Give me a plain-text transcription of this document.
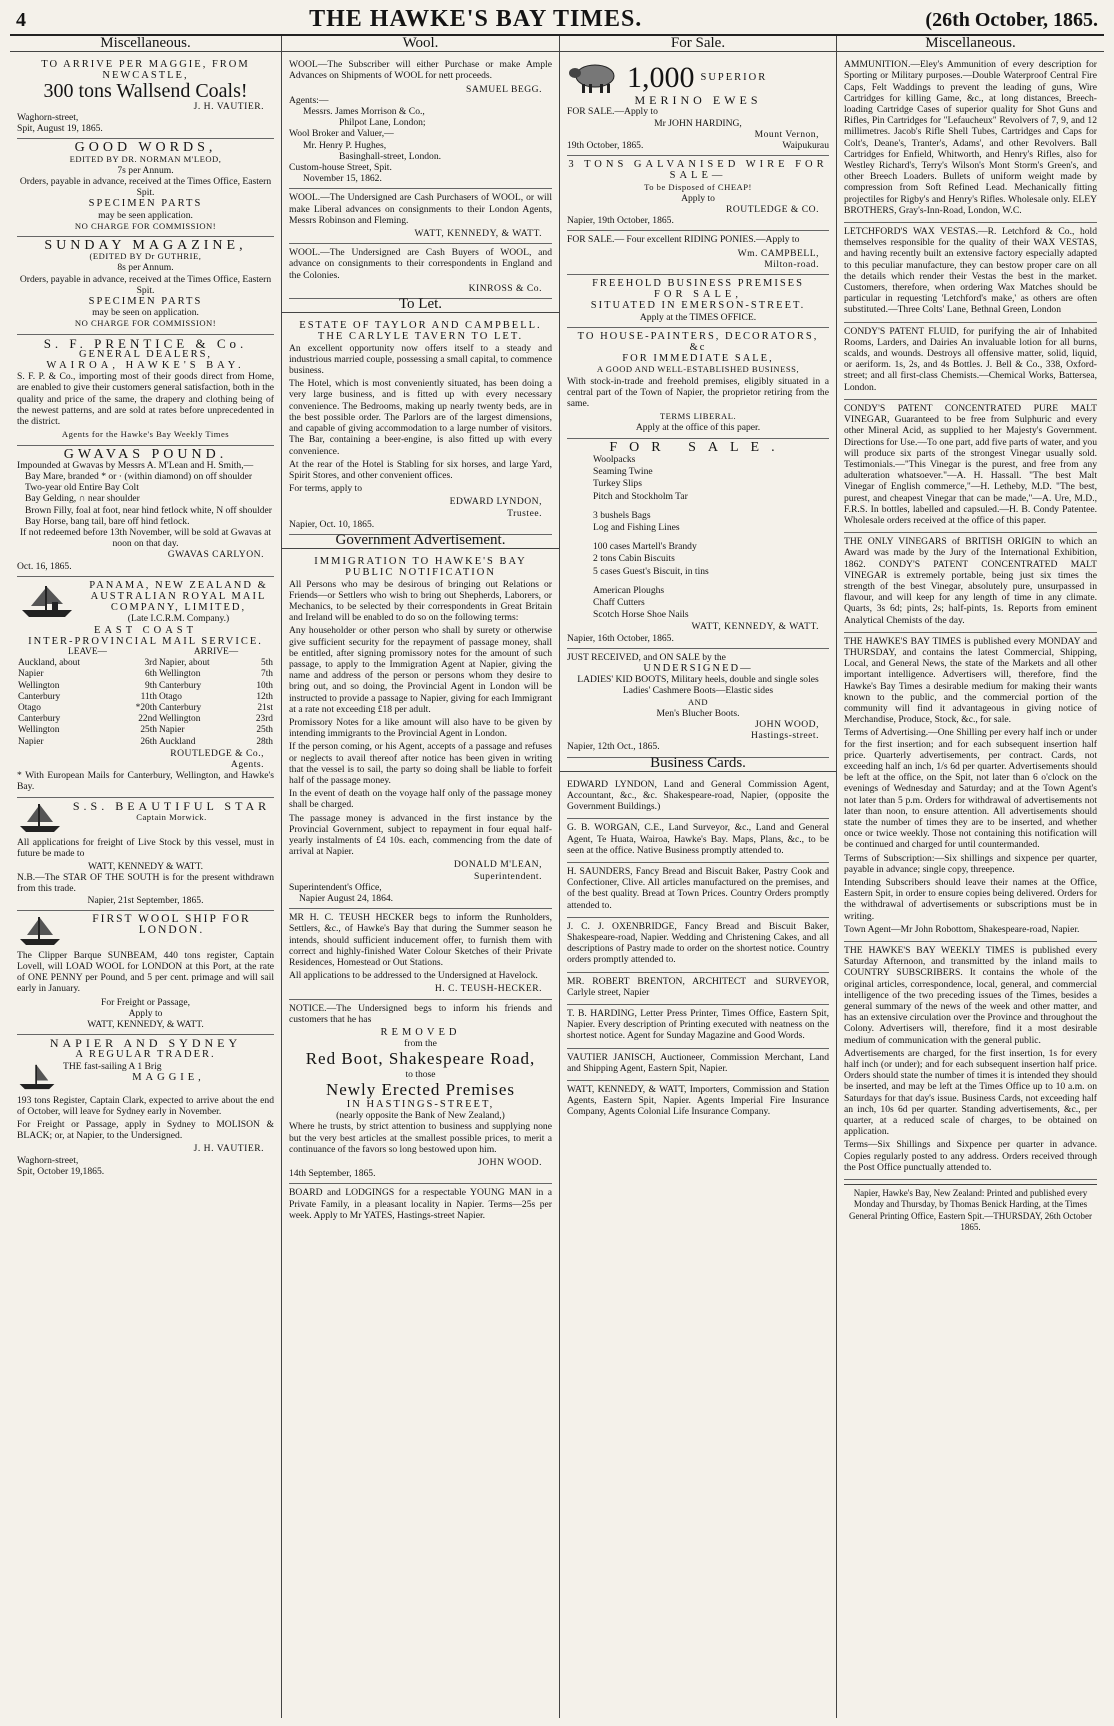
4	THE HAWKE'S BAY TIMES.	(26th October, 1865.
Miscellaneous.
TO ARRIVE PER MAGGIE, FROM NEWCASTLE,
300 tons Wallsend Coals!
J. H. VAUTIER.
Waghorn-street,
Spit, August 19, 1865.
GOOD WORDS,
EDITED BY DR. NORMAN M'LEOD,
7s per Annum.
Orders, payable in advance, received at the Times Office, Eastern Spit.
SPECIMEN PARTS
may be seen application.
NO CHARGE FOR COMMISSION!
SUNDAY MAGAZINE,
(EDITED BY Dr GUTHRIE,
8s per Annum.
Orders, payable in advance, received at the Times Office, Eastern Spit.
SPECIMEN PARTS
may be seen on application.
NO CHARGE FOR COMMISSION!
S. F. PRENTICE & Co.
GENERAL DEALERS,
WAIROA, HAWKE'S BAY.

S. F. P. & Co., importing most of their goods direct from Home, are enabled to give their customers general satisfaction, both in the quality and price of the same, the drapery and clothing being of the newest patterns, and are sold at rates before unprecedented in the district.

Agents for the Hawke's Bay Weekly Times
GWAVAS POUND.
Impounded at Gwavas by Messrs A. M'Lean and H. Smith,—
Bay Mare, branded * or · (within diamond) on off shoulder
Two-year old Entire Bay Colt
Bay Gelding, ∩ near shoulder
Brown Filly, foal at foot, near hind fetlock white, N off shoulder
Bay Horse, bang tail, bare off hind fetlock.
If not redeemed before 13th November, will be sold at Gwavas at noon on that day.
GWAVAS CARLYON.
Oct. 16, 1865.
PANAMA, NEW ZEALAND & AUSTRALIAN ROYAL MAIL COMPANY, LIMITED,
(Late I.C.R.M. Company.)
EAST COAST
INTER-PROVINCIAL MAIL SERVICE.
LEAVE—		ARRIVE—	
Auckland, about	3rd	Napier, about	5th
Napier	6th	Wellington	7th
Wellington	9th	Canterbury	10th
Canterbury	11th	Otago	12th
Otago	*20th	Canterbury	21st
Canterbury	22nd	Wellington	23rd
Wellington	25th	Napier	25th
Napier	26th	Auckland	28th
ROUTLEDGE & Co.,
Agents.
* With European Mails for Canterbury, Wellington, and Hawke's Bay.
S.S. BEAUTIFUL STAR
Captain Morwick.

All applications for freight of Live Stock by this vessel, must in future be made to

WATT, KENNEDY & WATT.
N.B.—The STAR OF THE SOUTH is for the present withdrawn from this trade.
Napier, 21st September, 1865.
FIRST WOOL SHIP FOR LONDON.

The Clipper Barque SUNBEAM, 440 tons register, Captain Lovell, will LOAD WOOL for LONDON at this Port, at the rate of ONE PENNY per Pound, and 5 per cent. primage and will sail early in January.

For Freight or Passage,
Apply to
WATT, KENNEDY, & WATT.
NAPIER AND SYDNEY
A REGULAR TRADER.
THE fast-sailing A 1 Brig
MAGGIE,

193 tons Register, Captain Clark, expected to arrive about the end of October, will leave for Sydney early in November.

For Freight or Passage, apply in Sydney to MOLISON & BLACK; or, at Napier, to the Undersigned.

J. H. VAUTIER.
Waghorn-street,
Spit, October 19,1865.
Wool.

WOOL—The Subscriber will either Purchase or make Ample Advances on Shipments of WOOL for nett proceeds.

SAMUEL BEGG.
Agents:—
Messrs. James Morrison & Co.,
Philpot Lane, London;
Wool Broker and Valuer,—
Mr. Henry P. Hughes,
Basinghall-street, London.
Custom-house Street, Spit.
November 15, 1862.

WOOL.—The Undersigned are Cash Purchasers of WOOL, or will make Liberal advances on consignments to their London Agents, Messrs Robinson and Fleming.

WATT, KENNEDY, & WATT.

WOOL.—The Undersigned are Cash Buyers of WOOL, and advance on consignments to their correspondents in England and the Colonies.

KINROSS & Co.
To Let.
ESTATE OF TAYLOR AND CAMPBELL.
THE CARLYLE TAVERN TO LET.

An excellent opportunity now offers itself to a steady and industrious married couple, possessing a small capital, to commence business.

The Hotel, which is most conveniently situated, has been doing a very large business, and is fitted up with every necessary convenience. The Bedrooms, making up nearly twenty beds, are in the best possible order. The Parlors are of the largest dimensions, and capable of giving accommodation to a large number of visitors. The Bar, containing a beer-engine, is also fitted up with every convenience.

At the rear of the Hotel is Stabling for six horses, and large Yard, Spirit Stores, and other convenient offices.

For terms, apply to

EDWARD LYNDON,
Trustee.
Napier, Oct. 10, 1865.
Government Advertisement.
IMMIGRATION TO HAWKE'S BAY
PUBLIC NOTIFICATION

All Persons who may be desirous of bringing out Relations or Friends—or Settlers who wish to bring out Shepherds, Laborers, or Mechanics, to be selected by their correspondents in Great Britain and Ireland will be enabled to do so on the following terms:

Any householder or other person who shall by surety or otherwise give sufficient security for the repayment of passage money, shall be entitled, after signing promissory notes for the amount of such passage, to apply to the Immigration Agent at Napier, giving the name and address of the person or persons whom they desire to bring out, and so doing, the Provincial Agent in London will be instructed to provide a passage to Napier, giving for each Immigrant at a rate not exceeding £18 per adult.

Promissory Notes for a like amount will also have to be given by intending immigrants to the Provincial Agent in London.

If the person coming, or his Agent, accepts of a passage and refuses or neglects to avail thereof after notice has been given in writing that the vessel is to sail, the party so doing shall be liable to forfeit half of the passage money.

In the event of death on the voyage half only of the passage money shall be charged.

The passage money is advanced in the first instance by the Provincial Government, subject to repayment in four equal half-yearly instalments of £4 10s. each, commencing from the date of arrival at Napier.

DONALD M'LEAN,
Superintendent.
Superintendent's Office,
Napier August 24, 1864.

MR H. C. TEUSH HECKER begs to inform the Runholders, Settlers, &c., of Hawke's Bay that during the Summer season he intends, should sufficient inducement offer, to furnish them with correct and highly-finished Water Colour Sketches of their Private Residences, Homestead or Out Stations.

All applications to be addressed to the Undersigned at Havelock.

H. C. TEUSH-HECKER.

NOTICE.—The Undersigned begs to inform his friends and customers that he has

REMOVED
from the
Red Boot, Shakespeare Road,
to those
Newly Erected Premises
IN HASTINGS-STREET,
(nearly opposite the Bank of New Zealand,)

Where he trusts, by strict attention to business and supplying none but the very best articles at the smallest possible prices, to merit a continuance of the favors so long bestowed upon him.

JOHN WOOD.
14th September, 1865.

BOARD and LODGINGS for a respectable YOUNG MAN in a Private Family, in a pleasant locality in Napier. Terms—25s per week. Apply to Mr YATES, Hastings-street Napier.

For Sale.
1,000 SUPERIOR
MERINO EWES
FOR SALE.—Apply to
Mr JOHN HARDING,
Mount Vernon,
19th October, 1865.	Waipukurau
3 TONS GALVANISED WIRE FOR SALE—
To be Disposed of CHEAP!
Apply to
ROUTLEDGE & CO.
Napier, 19th October, 1865.

FOR SALE.— Four excellent RIDING PONIES.—Apply to

Wm. CAMPBELL,
Milton-road.
FREEHOLD BUSINESS PREMISES
FOR SALE,
SITUATED IN EMERSON-STREET.
Apply at the TIMES OFFICE.
TO HOUSE-PAINTERS, DECORATORS, &c
FOR IMMEDIATE SALE,
A GOOD AND WELL-ESTABLISHED BUSINESS,

With stock-in-trade and freehold premises, eligibly situated in a central part of the Town of Napier, the proprietor retiring from the same.

TERMS LIBERAL.
Apply at the office of this paper.
FOR SALE.
Woolpacks
Seaming Twine
Turkey Slips
Pitch and Stockholm Tar
3 bushels Bags
Log and Fishing Lines
100 cases Martell's Brandy
2 tons Cabin Biscuits
5 cases Guest's Biscuit, in tins
American Ploughs
Chaff Cutters
Scotch Horse Shoe Nails
WATT, KENNEDY, & WATT.
Napier, 16th October, 1865.
JUST RECEIVED, and ON SALE by the
UNDERSIGNED—
LADIES' KID BOOTS, Military heels, double and single soles
Ladies' Cashmere Boots—Elastic sides
AND
Men's Blucher Boots.
JOHN WOOD,
Hastings-street.
Napier, 12th Oct., 1865.
Business Cards.

EDWARD LYNDON, Land and General Commission Agent, Accountant, &c., &c. Shakespeare-road, Napier, (opposite the Government Buildings.)

G. B. WORGAN, C.E., Land Surveyor, &c., Land and General Agent, Te Huata, Wairoa, Hawke's Bay. Maps, Plans, &c., to be seen at the office. Native Business promptly attended to.

H. SAUNDERS, Fancy Bread and Biscuit Baker, Pastry Cook and Confectioner, Clive. All articles manufactured on the premises, and of the best quality. Bread at Town Prices. Country Orders promptly attended to.

J. C. J. OXENBRIDGE, Fancy Bread and Biscuit Baker, Shakespeare-road, Napier. Wedding and Christening Cakes, and all descriptions of Pastry made to order on the shortest notice. Country orders promptly attended to.

MR. ROBERT BRENTON, ARCHITECT and SURVEYOR, Carlyle street, Napier

T. B. HARDING, Letter Press Printer, Times Office, Eastern Spit, Napier. Every description of Printing executed with neatness on the shortest notice. Agent for Sunday Magazine and Good Words.

VAUTIER JANISCH, Auctioneer, Commission Merchant, Land and Shipping Agent, Eastern Spit, Napier.

WATT, KENNEDY, & WATT, Importers, Commission and Station Agents, Eastern Spit, Napier. Agents Imperial Fire Insurance Company, Agents Colonial Life Insurance Company.

Miscellaneous.

AMMUNITION.—Eley's Ammunition of every description for Sporting or Military purposes.—Double Waterproof Central Fire Caps, Felt Waddings to prevent the leading of guns, Wire Cartridges for killing Game, &c., at long distances, Breech-loading Cartridge Cases of superior quality for Shot Guns and Rifles, Pin Cartridges for "Lefaucheux" Revolvers of 7, 9, and 12 millimetres. Jacob's Rifle Shell Tubes, Cartridges and Caps for Colt's, Deane's, Tranter's, Adams', and other Revolvers. Ball Cartridges for Enfield, Whitworth, and Henry's Rifles, also for Westley Richard's, Terry's Wilson's Mont Storm's Green's, and other Breech Loaders. Bullets of uniform weight made by compression from Soft Refined Lead. Mechanically fitting projectiles for Rigby's and Henry's Rifles. Wholesale only. ELEY BROTHERS, Gray's-Inn-Road, London, W.C.

LETCHFORD'S WAX VESTAS.—R. Letchford & Co., hold themselves responsible for the quality of their WAX VESTAS, and having recently built an extensive factory especially adapted to this peculiar manufacture, they can bestow proper care on all the details which render their Vestas the best in the market. Customers, therefore, when ordering Wax Matches should be particular in requesting 'Letchford's make,' as others are often substituted.—Three Colts' Lane, Bethnal Green, London

CONDY'S PATENT FLUID, for purifying the air of Inhabited Rooms, Larders, and Dairies An invaluable lotion for all burns, scalds, and wounds. Destroys all offensive matter, solid, liquid, or aeriform. 1s, 2s, and 4s Bottles. J. Bell & Co., 338, Oxford-street; and all first-class Chemists.—Chemical Works, Battersea, London.

CONDY'S PATENT CONCENTRATED PURE MALT VINEGAR, Guaranteed to be free from Sulphuric and every other Mineral Acid, as supplied to her Majesty's Government. Directions for Use.—To one part, add five parts of water, and you will produce six parts of the strongest Vinegar usually sold. Testimonials.—"This Vinegar is the purest, and free from any adulteration whatsoever."—A. H. Hassall. "The best Malt Vinegar of English commerce,"—H. Letheby, M.D. "The best, purest, and cheapest Vinegar that can be made,"—A. Ure, M.D., F.R.S. In bottles, labelled and capsuled.—H. B. Condy Patentee. Wholesale orders received at the office of this paper.

THE ONLY VINEGARS of BRITISH ORIGIN to which an Award was made by the Jury of the International Exhibition, 1862. CONDY'S PATENT CONCENTRATED MALT VINEGAR is extremely portable, being just six times the strength of the best Vinegar, absolutely pure, unsurpassed in flavour, and will keep for any length of time in any climate. Quarts, 3s 6d; pints, 2s; half-pints, 1s. Reports from eminent Analytical Chemists of the day.

THE HAWKE'S BAY TIMES is published every MONDAY and THURSDAY, and contains the latest Commercial, Shipping, Local, and General News, the state of the Markets and all other important intelligence. Advertisers will, therefore, find the Hawke's Bay Times a desirable medium for making their wants known to the public, and the commercial portion of the community will find it advantageous in giving notice of Merchandise, Produce, Stock, &c., for sale.

Terms of Advertising.—One Shilling per every half inch or under for the first insertion; and for each subsequent insertion half price. Quarterly advertisements, per contract. Cards, not exceeding half an inch, 1/s 6d per quarter. Advertisements should be left at the office, on the Spit, not later than 6 o'clock on the evenings of Wednesday and Saturday; and at the Town Agent's not later than 5 p.m. Orders for withdrawal of advertisements not later than noon, to ensure attention. All advertisements should state the number of times they are to be inserted, and whether once or twice weekly. Those not containing this notification will be continued and charged for until countermanded.

Terms of Subscription:—Six shillings and sixpence per quarter, payable in advance; single copy, threepence.

Intending Subscribers should leave their names at the Office, Eastern Spit, in order to ensure copies being delivered. Orders for the withdrawal of advertisements or subscriptions must be in writing.

Town Agent—Mr John Robottom, Shakespeare-road, Napier.

THE HAWKE'S BAY WEEKLY TIMES is published every Saturday Afternoon, and transmitted by the inland mails to COUNTRY SUBSCRIBERS. It contains the whole of the original articles, correspondence, local, general, and commercial intelligence of the two preceding issues of the Times, besides a general summary of the news of the week and other matter, and has an extensive circulation over the Province and throughout the Colony. Advertisers will, therefore, find it a most desirable medium of communication with the general public.

Advertisements are charged, for the first insertion, 1s for every half inch (or under); and for each subsequent insertion half price. Orders should state the number of times it is intended they should be inserted, and may be left at the Times Office up to 10 a.m. on Saturdays for that day's issue. Business Cards, not exceeding half an inch, 10s 6d per quarter. Standing advertisements, &c., per quarter, at a reduced scale of charges, to be obtained on application.

Terms—Six Shillings and Sixpence per quarter in advance. Copies regularly posted to any address. Orders received through the Post Office punctually attended to.

Napier, Hawke's Bay, New Zealand: Printed and published every Monday and Thursday, by Thomas Benick Harding, at the Times General Printing Office, Eastern Spit.—THURSDAY, 26th October 1865.
